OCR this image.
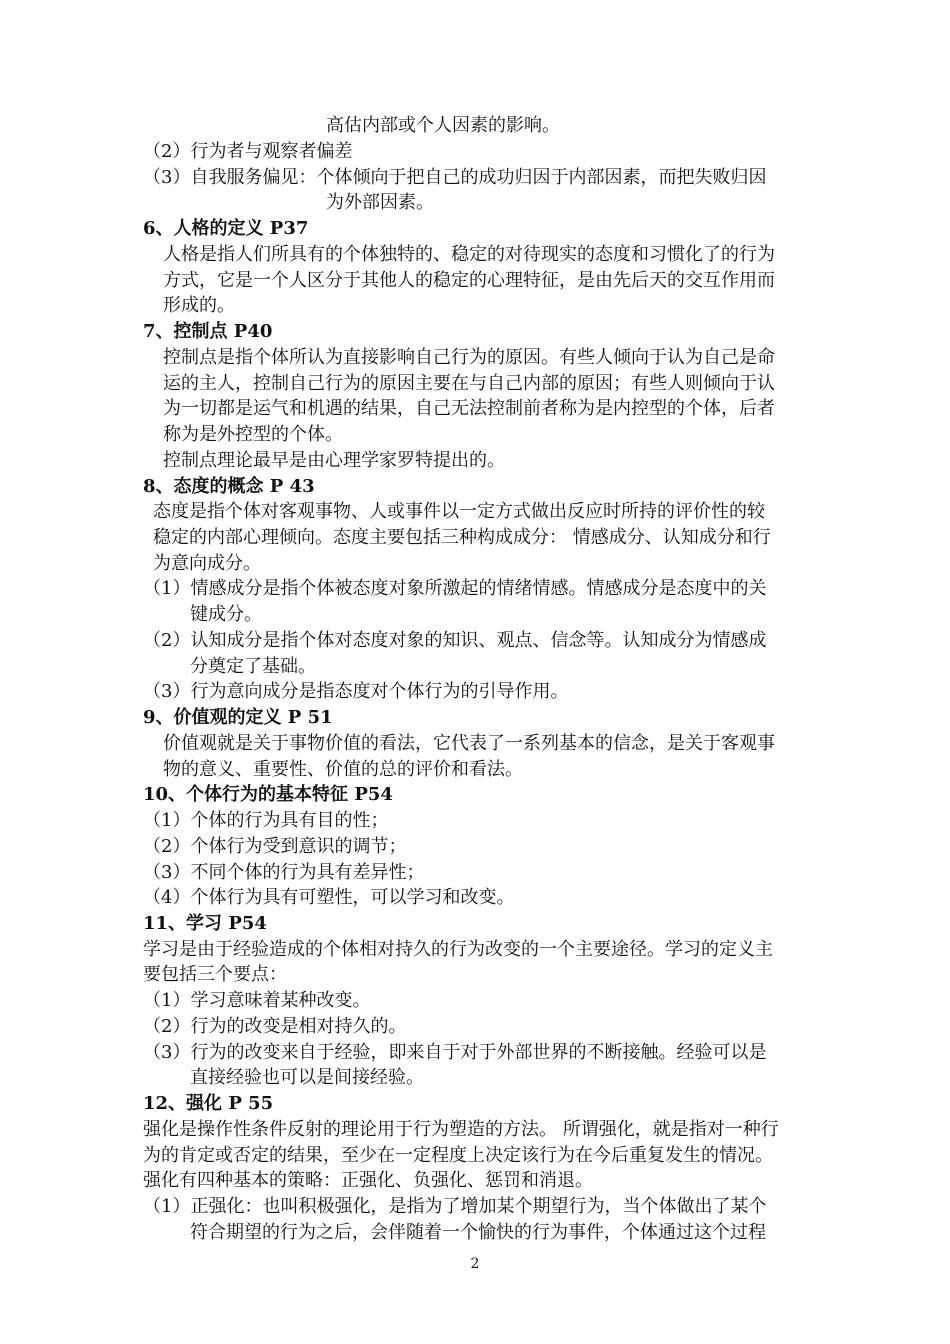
高估内部或个人因素的影响。
（2）行为者与观察者偏差
（3）自我服务偏见：个体倾向于把自己的成功归因于内部因素，而把失败归因
为外部因素。
6、人格的定义 P37
人格是指人们所具有的个体独特的、稳定的对待现实的态度和习惯化了的行为
方式，它是一个人区分于其他人的稳定的心理特征，是由先后天的交互作用而
形成的。
7、控制点 P40
控制点是指个体所认为直接影响自己行为的原因。有些人倾向于认为自己是命
运的主人，控制自己行为的原因主要在与自己内部的原因；有些人则倾向于认
为一切都是运气和机遇的结果，自己无法控制前者称为是内控型的个体，后者
称为是外控型的个体。
控制点理论最早是由心理学家罗特提出的。
8、态度的概念 P 43
态度是指个体对客观事物、人或事件以一定方式做出反应时所持的评价性的较
稳定的内部心理倾向。态度主要包括三种构成成分： 情感成分、认知成分和行
为意向成分。
（1）情感成分是指个体被态度对象所激起的情绪情感。情感成分是态度中的关
键成分。
（2）认知成分是指个体对态度对象的知识、观点、信念等。认知成分为情感成
分奠定了基础。
（3）行为意向成分是指态度对个体行为的引导作用。
9、价值观的定义 P 51
价值观就是关于事物价值的看法，它代表了一系列基本的信念，是关于客观事
物的意义、重要性、价值的总的评价和看法。
10、个体行为的基本特征 P54
（1）个体的行为具有目的性；
（2）个体行为受到意识的调节；
（3）不同个体的行为具有差异性；
（4）个体行为具有可塑性，可以学习和改变。
11、学习 P54
学习是由于经验造成的个体相对持久的行为改变的一个主要途径。学习的定义主
要包括三个要点：
（1）学习意味着某种改变。
（2）行为的改变是相对持久的。
（3）行为的改变来自于经验，即来自于对于外部世界的不断接触。经验可以是
直接经验也可以是间接经验。
12、强化 P 55
强化是操作性条件反射的理论用于行为塑造的方法。 所谓强化，就是指对一种行
为的肯定或否定的结果，至少在一定程度上决定该行为在今后重复发生的情况。
强化有四种基本的策略：正强化、负强化、惩罚和消退。
（1）正强化：也叫积极强化，是指为了增加某个期望行为，当个体做出了某个
符合期望的行为之后，会伴随着一个愉快的行为事件，个体通过这个过程
2
